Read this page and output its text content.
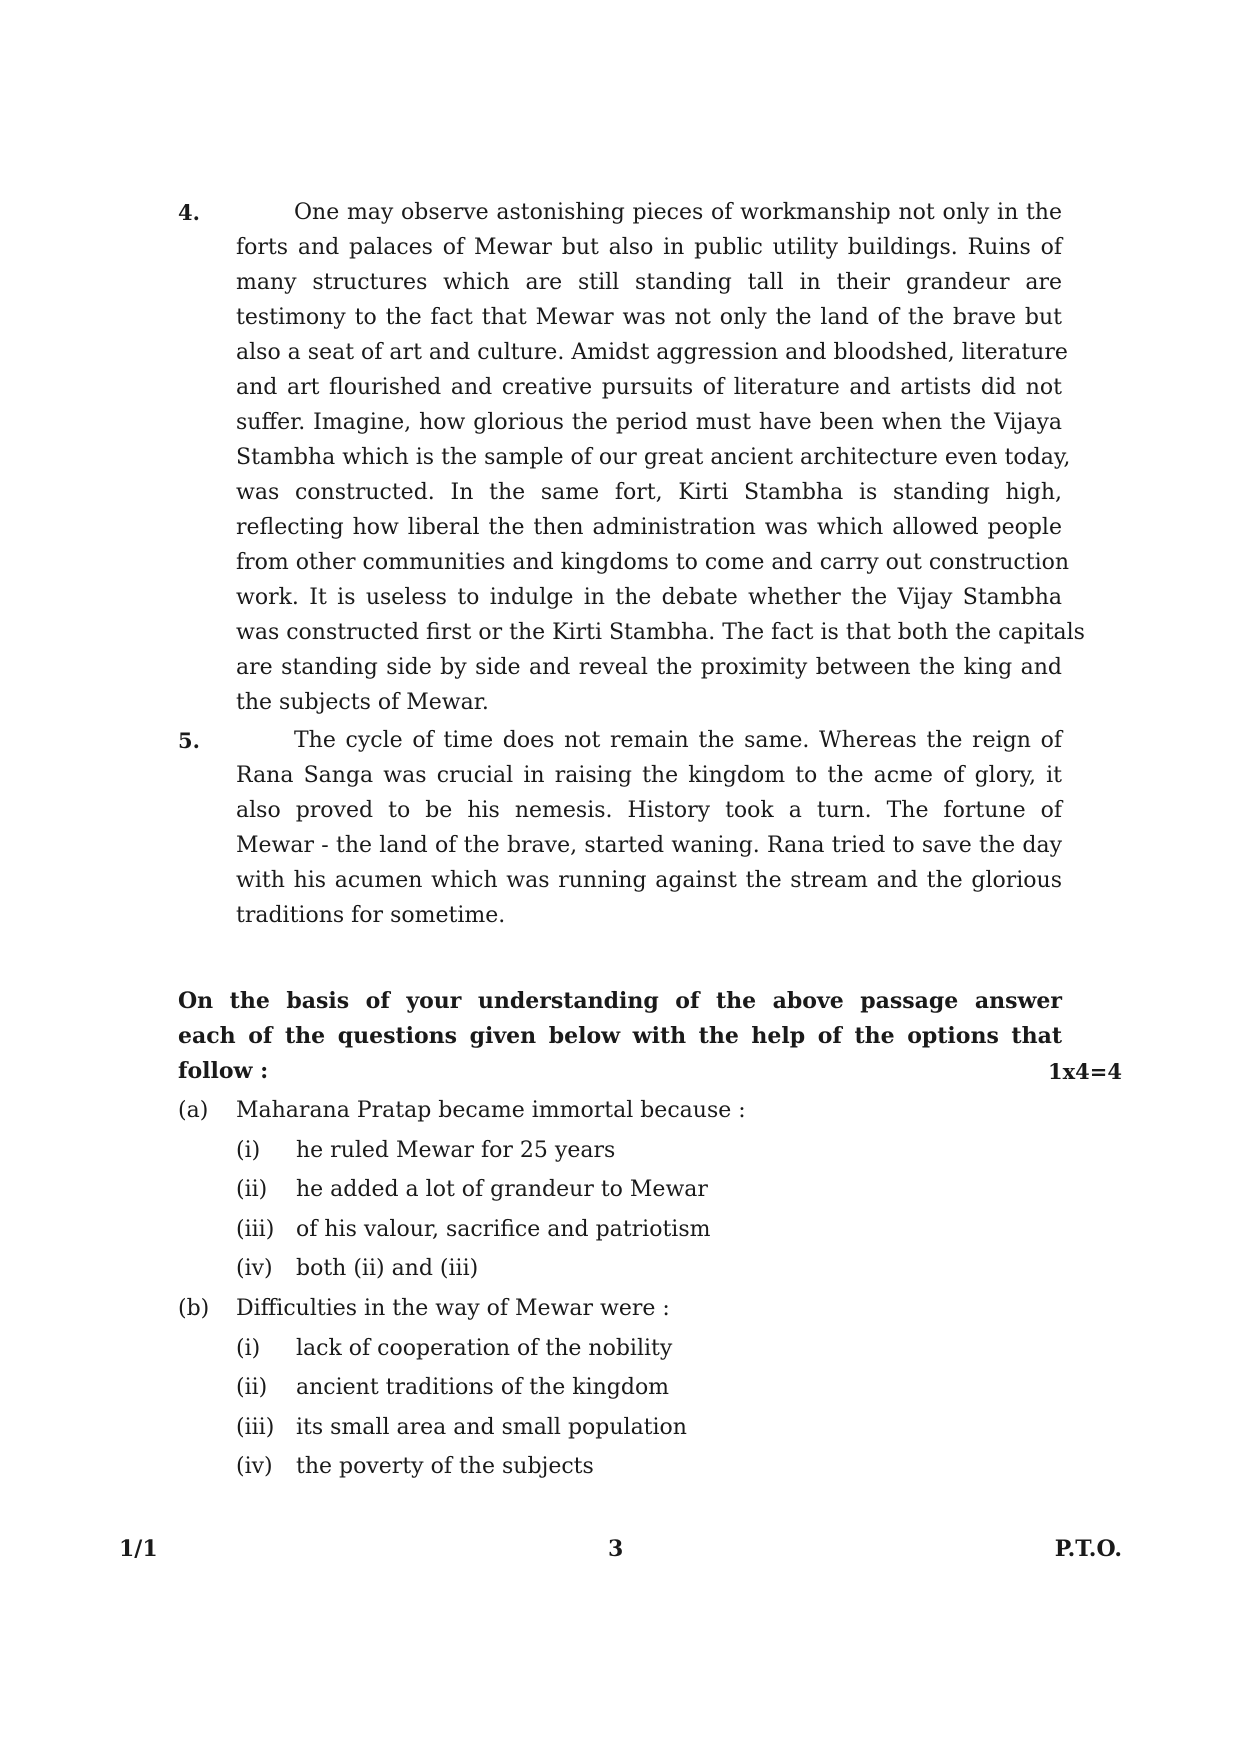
4.	One may observe astonishing pieces of workmanship not only in the
forts and palaces of Mewar but also in public utility buildings. Ruins of
many structures which are still standing tall in their grandeur are
testimony to the fact that Mewar was not only the land of the brave but
also a seat of art and culture. Amidst aggression and bloodshed, literature
and art flourished and creative pursuits of literature and artists did not
suffer. Imagine, how glorious the period must have been when the Vijaya
Stambha which is the sample of our great ancient architecture even today,
was constructed. In the same fort, Kirti Stambha is standing high,
reflecting how liberal the then administration was which allowed people
from other communities and kingdoms to come and carry out construction
work. It is useless to indulge in the debate whether the Vijay Stambha
was constructed first or the Kirti Stambha. The fact is that both the capitals
are standing side by side and reveal the proximity between the king and
the subjects of Mewar.
5.	The cycle of time does not remain the same. Whereas the reign of
Rana Sanga was crucial in raising the kingdom to the acme of glory, it
also proved to be his nemesis. History took a turn. The fortune of
Mewar - the land of the brave, started waning. Rana tried to save the day
with his acumen which was running against the stream and the glorious
traditions for sometime.
On the basis of your understanding of the above passage answer
each of the questions given below with the help of the options that
follow :	1x4=4
(a) Maharana Pratap became immortal because :
(i) he ruled Mewar for 25 years
(ii) he added a lot of grandeur to Mewar
(iii) of his valour, sacrifice and patriotism
(iv) both (ii) and (iii)
(b) Difficulties in the way of Mewar were :
(i) lack of cooperation of the nobility
(ii) ancient traditions of the kingdom
(iii) its small area and small population
(iv) the poverty of the subjects
1/1	3	P.T.O.
